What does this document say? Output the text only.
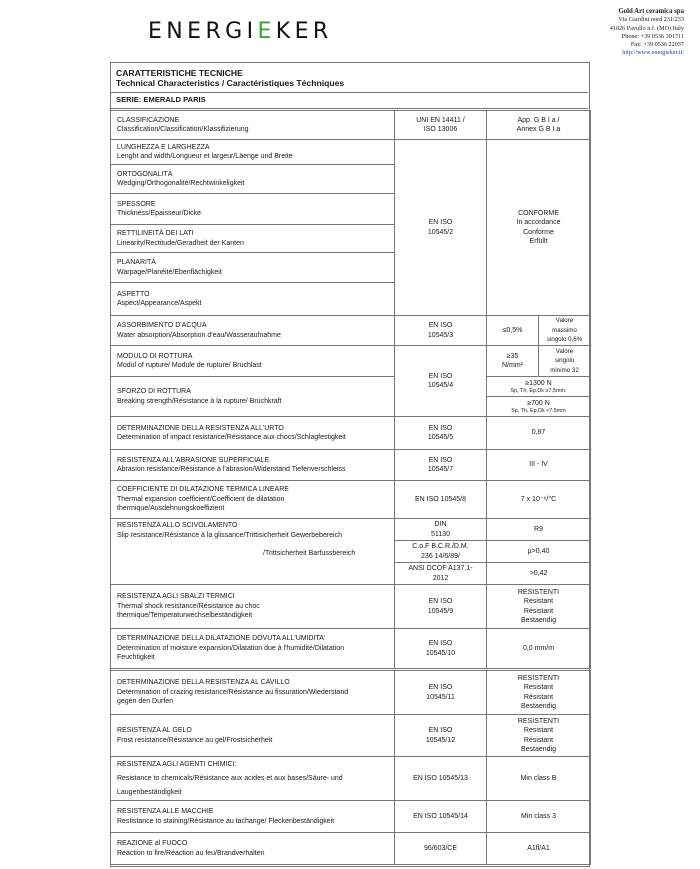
ENERGIEKER
Gold Art ceramica spa
Via Giardini nord 231/233
41026 Pavullo n.f. (MO) Italy
Phone: +39 0536 301711
Fax: +39 0536 22037
http://www.energieker.it/
CARATTERISTICHE TECNICHE
Technical Characteristics / Caractéristiques Téchniques
SERIE: EMERALD PARIS
CLASSIFICAZIONE
Classification/Classification/Klassifizierung	UNI EN 14411 /
ISO 13006	App. G B I a /
Annex G B I a	

LUNGHEZZA E LARGHEZZA
Lenght and width/Longueur et largeur/Läenge und Breite	EN ISO
10545/2	CONFORME
In accordance
Conforme
Erfüllt	

ORTOGONALITÀ
Wedging/Orthogonalité/Rechtwinkeligkeit			

SPESSORE
Thickness/Epaisseur/Dicke			

RETTILINEITÀ DEI LATI
Linearity/Rectitude/Geradheit der Kanten			

PLANARITÀ
Warpage/Planéité/Ebenflächigkeit			

ASPETTO
Aspect/Appearance/Aspekt			

ASSORBIMENTO D'ACQUA
Water absorption/Absorption d'eau/Wasseraufnahme	EN ISO
10545/3	≤0,5%	Valore
massimo
singolo 0,6%

MODULO DI ROTTURA
Modul of rupture/ Module de rupture/ Bruchlast	EN ISO
10545/4	≥35
N/mm²	Valore
singolo
minimo 32

SFORZO DI ROTTURA
Breaking strength/Résistance à la rupture/ Bruchkraft		≥1300 N
Sp, Th, Ep,Dk ≥7,5mm.	

		≥700 N
Sp, Th, Ep,Dk <7,5mm	

DETERMINAZIONE DELLA RESISTENZA ALL'URTO
Determination of impact resistance/Résistance aux chocs/Schlagfestigkeit	EN ISO
10545/5	0,87	

RESISTENZA ALL'ABRASIONE SUPERFICIALE
Abrasion resistance/Résistance à l'abrasion/Widerstand Tiefenverschleiss	EN ISO
10545/7	III - IV	

COEFFICIENTE DI DILATAZIONE TERMICA LINEARE
Thermal expansion coefficient/Coefficient de dilatation
thermique/Ausdehnungskoeffizient	EN ISO 10545/8	7 x 10⁻⁶/°C	

RESISTENZA ALLO SCIVOLAMENTO
Slip resistance/Résistance à la glissance/Trittisicherheit Gewerbebereich
/Trittsicherheit Barfussbereich	DIN
51130	R9	

	C.o.F B.C.R./D.M.
236 14/6/89/	μ>0,40	

	ANSI DCOF A137.1-
2012	>0,42	

RESISTENZA AGLI SBALZI TERMICI
Thermal shock resistance/Résistance au choc
thermique/Temperaturwechselbeständigkeit	EN ISO
10545/9	RESISTENTI
Resistant
Résistant
Bestaendig	

DETERMINAZIONE DELLA DILATAZIONE DOVUTA ALL'UMIDITA'
Determination of moisture expansion/Dilatation due à l'humidité/Dilatation
Feuchtigkeit	EN ISO
10545/10	0,0 mm/m	
DETERMINAZIONE DELLA RESISTENZA AL CAVILLO
Determination of crazing resistance/Résistance au fissuration/Wiederstand
gegen den Durfen	EN ISO
10545/11	RESISTENTI
Resistant
Résistant
Bestaendig

RESISTENZA AL GELO
Frost resistance/Résistance au gel/Frostsicherheit	EN ISO
10545/12	RESISTENTI
Resistant
Résistant
Bestaendig

RESISTENZA AGLI AGENTI CHIMICI:
Resistance to chemicals/Résistance aux acides et aux bases/Säure- und
Laugenbeständigkeit	EN ISO 10545/13	Min class B

RESISTENZA ALLE MACCHIE
Restistance to staining/Résistance au tachange/ Fleckenbeständigkeit	EN ISO 10545/14	Min class 3

REAZIONE al FUOCO
Reaction to fire/Réaction au feu/Brandverhalten	96/603/CE	A1fl/A1
